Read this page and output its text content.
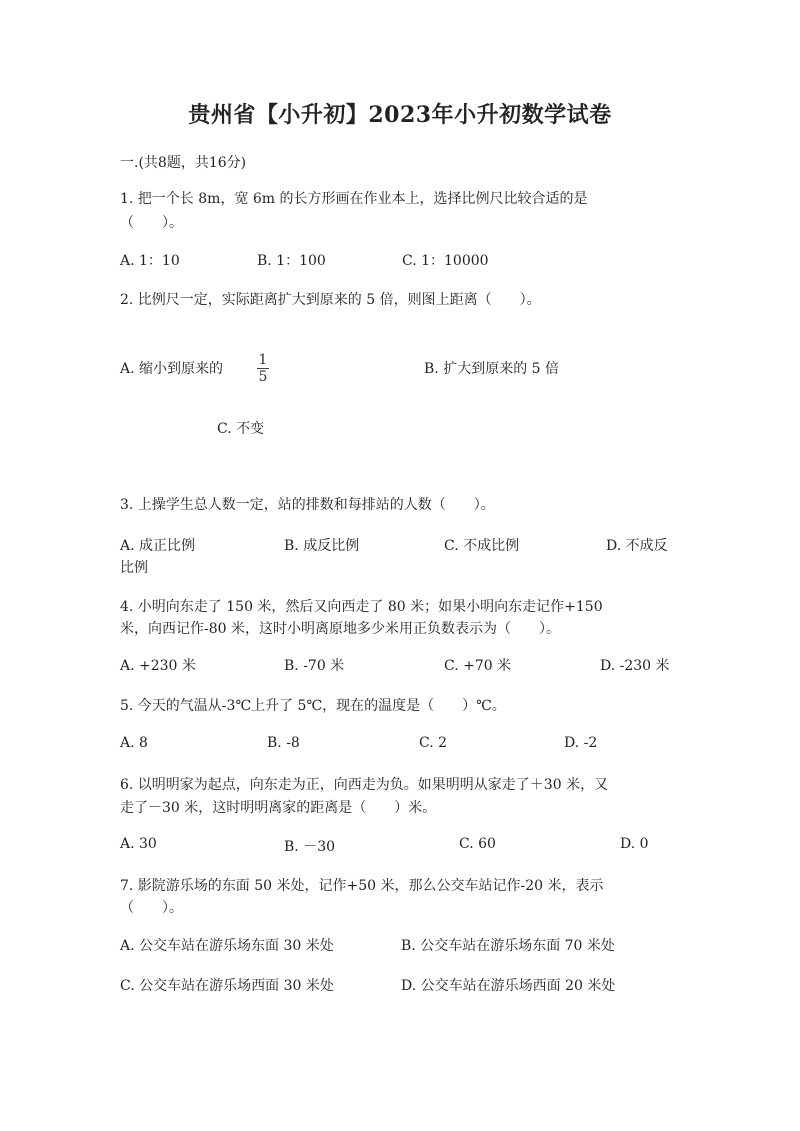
贵州省【小升初】2023年小升初数学试卷
一.(共8题，共16分)
1. 把一个长 8m，宽 6m 的长方形画在作业本上，选择比例尺比较合适的是
（　　）。
A. 1：10	B. 1：100	C. 1：10000
2. 比例尺一定，实际距离扩大到原来的 5 倍，则图上距离（　　）。
A. 缩小到原来的
1
5	B. 扩大到原来的 5 倍
C. 不变
3. 上操学生总人数一定，站的排数和每排站的人数（　　）。
A. 成正比例	B. 成反比例	C. 不成比例	D. 不成反
比例
4. 小明向东走了 150 米，然后又向西走了 80 米；如果小明向东走记作+150
米，向西记作-80 米，这时小明离原地多少米用正负数表示为（　　）。
A. +230 米	B. -70 米	C. +70 米	D. -230 米
5. 今天的气温从-3℃上升了 5℃，现在的温度是（　　）℃。
A. 8	B. -8	C. 2	D. -2
6. 以明明家为起点，向东走为正，向西走为负。如果明明从家走了＋30 米，又
走了－30 米，这时明明离家的距离是（　　）米。
A. 30	B. －30	C. 60	D. 0
7. 影院游乐场的东面 50 米处，记作+50 米，那么公交车站记作-20 米，表示
（　　）。
A. 公交车站在游乐场东面 30 米处	B. 公交车站在游乐场东面 70 米处
C. 公交车站在游乐场西面 30 米处	D. 公交车站在游乐场西面 20 米处
